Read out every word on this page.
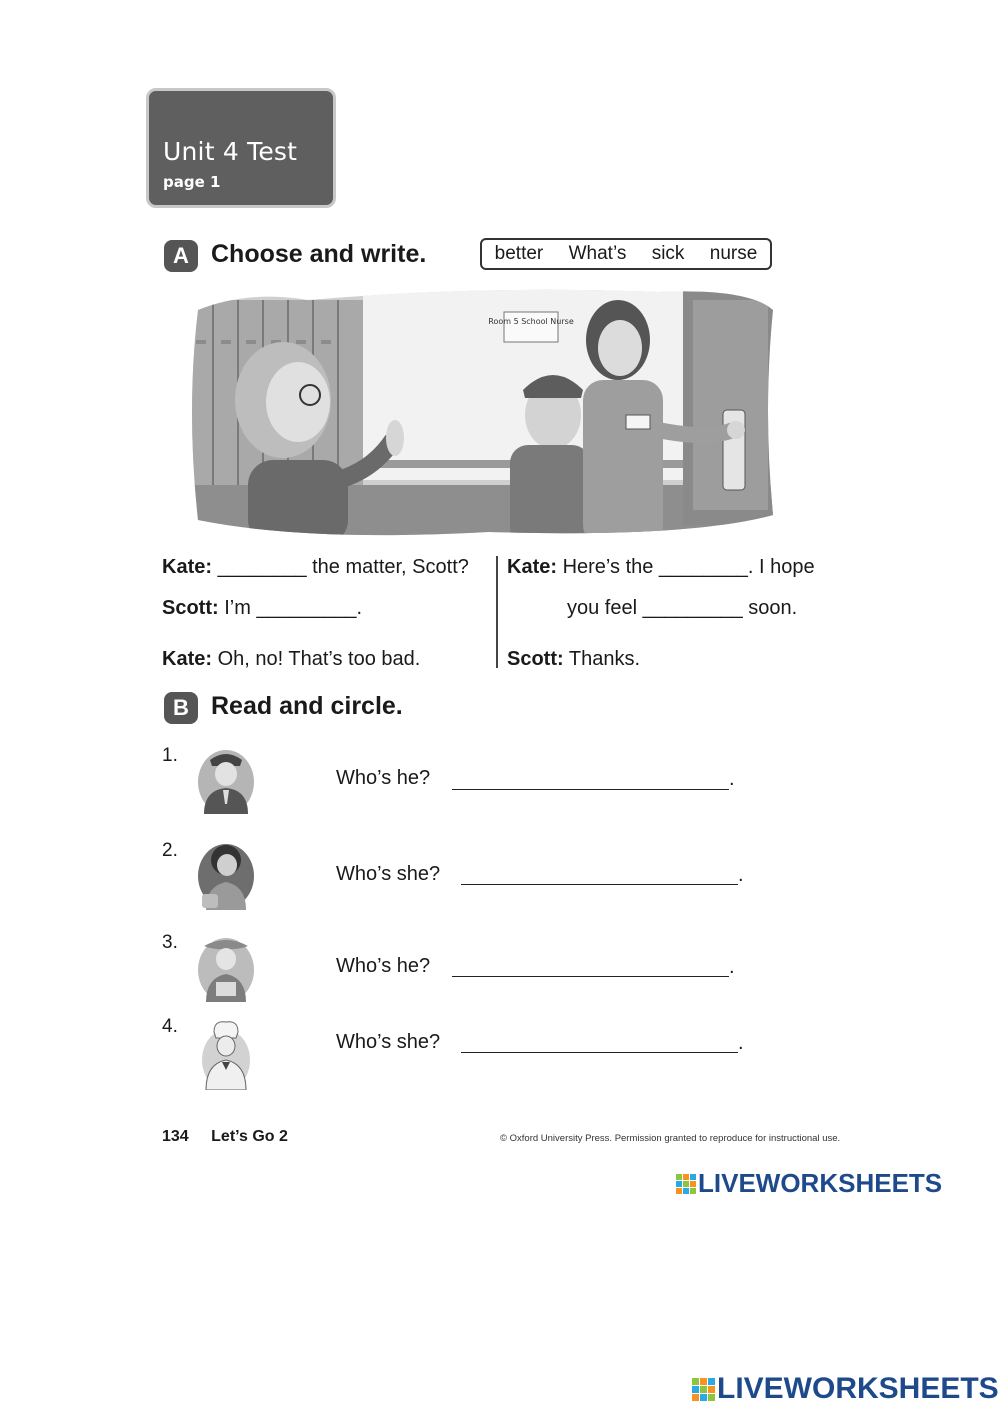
Unit 4 Test
page 1
A Choose and write.	better What’s sick nurse
Room 5 School Nurse
Kate: ________ the matter, Scott?
Scott: I’m _________.
Kate: Oh, no! That’s too bad.
Kate: Here’s the ________. I hope
you feel _________ soon.
Scott: Thanks.
B Read and circle.
1.
Who’s he?	.
2.
Who’s she?	.
3.
Who’s he?	.
4.
Who’s she?	.
134 Let’s Go 2	© Oxford University Press. Permission granted to reproduce for instructional use.
LIVEWORKSHEETS
LIVEWORKSHEETS
